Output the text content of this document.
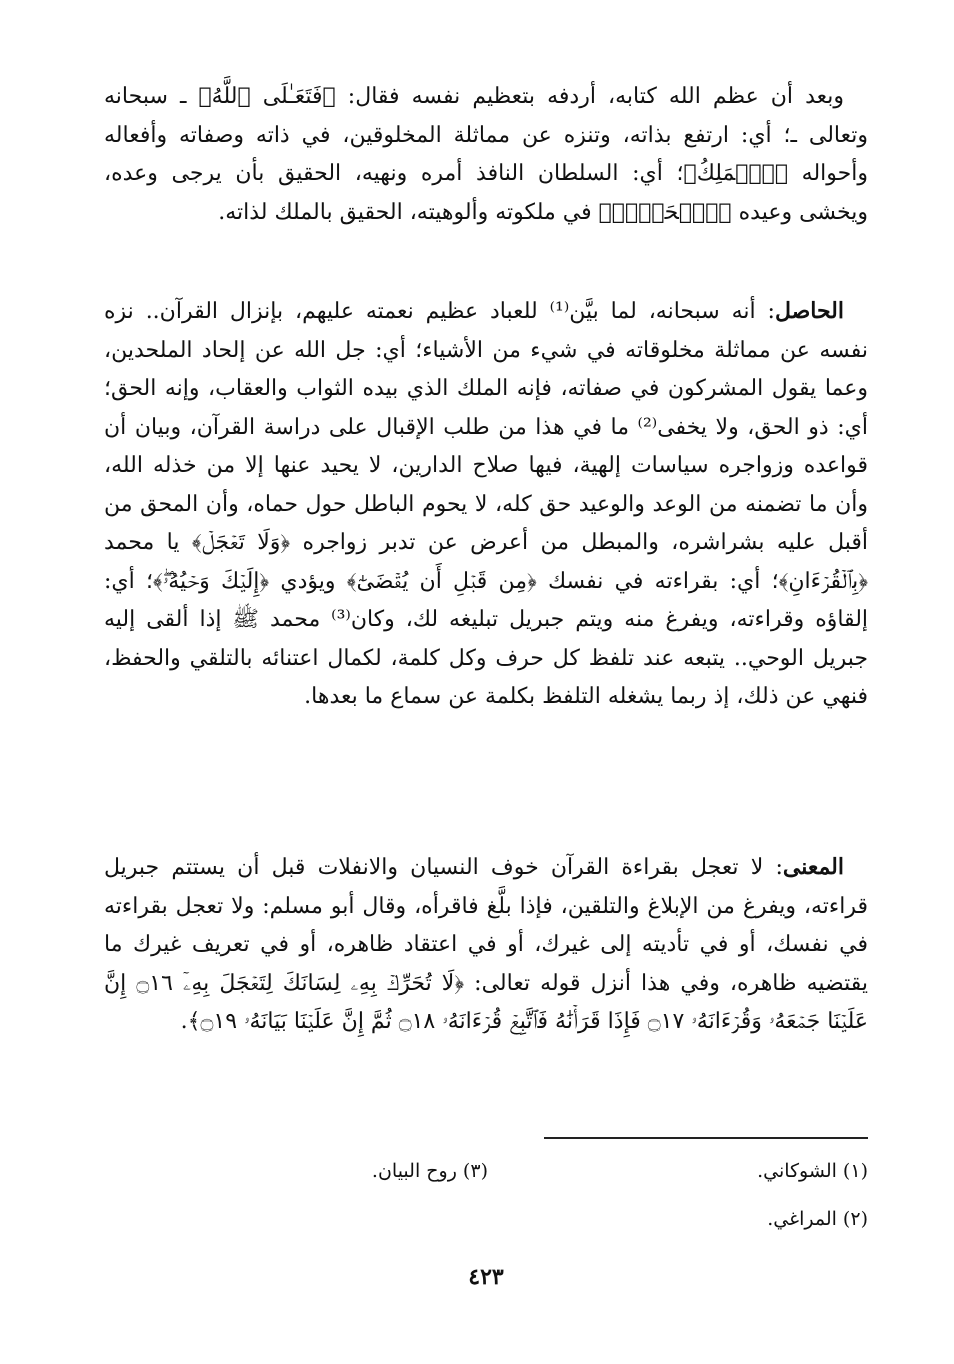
وبعد أن عظم الله كتابه، أردفه بتعظيم نفسه فقال: ﴿فَتَعَـٰلَى ٱللَّهُ﴾ ـ سبحانه وتعالى ـ؛ أي: ارتفع بذاته، وتنزه عن مماثلة المخلوقين، في ذاته وصفاته وأفعاله وأحواله ﴿ٱلۡمَلِكُ﴾؛ أي: السلطان النافذ أمره ونهيه، الحقيق بأن يرجى وعده، ويخشى وعيده ﴿ٱلۡحَقُّۗ﴾ في ملكوته وألوهيته، الحقيق بالملك لذاته.

الحاصل: أنه سبحانه، لما بيَّن⁽¹⁾ للعباد عظيم نعمته عليهم، بإنزال القرآن.. نزه نفسه عن مماثلة مخلوقاته في شيء من الأشياء؛ أي: جل الله عن إلحاد الملحدين، وعما يقول المشركون في صفاته، فإنه الملك الذي بيده الثواب والعقاب، وإنه الحق؛ أي: ذو الحق، ولا يخفى⁽²⁾ ما في هذا من طلب الإقبال على دراسة القرآن، وبيان أن قواعده وزواجره سياسات إلهية، فيها صلاح الدارين، لا يحيد عنها إلا من خذله الله، وأن ما تضمنه من الوعد والوعيد حق كله، لا يحوم الباطل حول حماه، وأن المحق من أقبل عليه بشراشره، والمبطل من أعرض عن تدبر زواجره ﴿وَلَا تَعۡجَلۡ﴾ يا محمد ﴿بِٱلۡقُرۡءَانِ﴾؛ أي: بقراءته في نفسك ﴿مِن قَبۡلِ أَن يُقۡضَىٰٓ﴾ ويؤدي ﴿إِلَيۡكَ وَحۡيُهُۥۖ﴾؛ أي: إلقاؤه وقراءته، ويفرغ منه ويتم جبريل تبليغه لك، وكان⁽³⁾ محمد ﷺ إذا ألقى إليه جبريل الوحي.. يتبعه عند تلفظ كل حرف وكل كلمة، لكمال اعتنائه بالتلقي والحفظ، فنهي عن ذلك، إذ ربما يشغله التلفظ بكلمة عن سماع ما بعدها.

المعنى: لا تعجل بقراءة القرآن خوف النسيان والانفلات قبل أن يستتم جبريل قراءته، ويفرغ من الإبلاغ والتلقين، فإذا بلَّغ فاقرأه، وقال أبو مسلم: ولا تعجل بقراءته في نفسك، أو في تأديته إلى غيرك، أو في اعتقاد ظاهره، أو في تعريف غيرك ما يقتضيه ظاهره، وفي هذا أنزل قوله تعالى: ﴿لَا تُحَرِّكۡ بِهِۦ لِسَانَكَ لِتَعۡجَلَ بِهِۦٓ ۝١٦ إِنَّ عَلَيۡنَا جَمۡعَهُۥ وَقُرۡءَانَهُۥ ۝١٧ فَإِذَا قَرَأۡنَٰهُ فَٱتَّبِعۡ قُرۡءَانَهُۥ ۝١٨ ثُمَّ إِنَّ عَلَيۡنَا بَيَانَهُۥ ۝١٩﴾.

(١) الشوكاني.
(٢) المراغي.
(٣) روح البيان.
٤٢٣
